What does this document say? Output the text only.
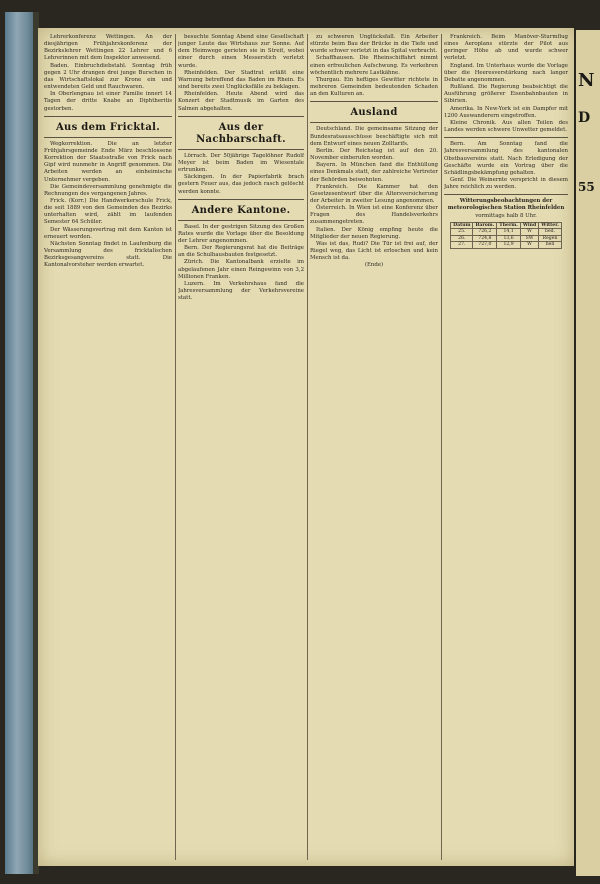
Lehrerkonferenz Wettingen. An der diesjährigen Frühjahrskonferenz der Bezirkslehrer Wettingen 22 Lehrer und 6 Lehrerinnen mit dem Inspektor anwesend.

Baden. Einbruchdiebstahl. Sonntag früh gegen 2 Uhr drangen drei junge Burschen in das Wirtschaftslokal zur Krone ein und entwendeten Geld und Rauchwaren.

In Oberlengnau ist einer Familie innert 14 Tagen der dritte Knabe an Diphtheritis gestorben.

Aus dem Fricktal.

Wegkorrektion. Die an letzter Frühjahrsgemeinde Ende März beschlossene Korrektion der Staatsstraße von Frick nach Gipf wird nunmehr in Angriff genommen. Die Arbeiten werden an einheimische Unternehmer vergeben.

Die Gemeindeversammlung genehmigte die Rechnungen des vergangenen Jahres.

Frick. (Korr.) Die Handwerkerschule Frick, die seit 1889 von den Gemeinden des Bezirks unterhalten wird, zählt im laufenden Semester 64 Schüler.

Der Wässerungsvertrag mit dem Kanton ist erneuert worden.

Nächsten Sonntag findet in Laufenburg die Versammlung des fricktalischen Bezirksgesangvereins statt. Die Kantonalvorsteher werden erwartet.

besuchte Sonntag Abend eine Gesellschaft junger Leute das Wirtshaus zur Sonne. Auf dem Heimwege gerieten sie in Streit, wobei einer durch einen Messerstich verletzt wurde.

Rheinfelden. Der Stadtrat erläßt eine Warnung betreffend das Baden im Rhein. Es sind bereits zwei Unglücksfälle zu beklagen.

Rheinfelden. Heute Abend wird das Konzert der Stadtmusik im Garten des Salmen abgehalten.

Aus der Nachbarschaft.

Lörrach. Der 50jährige Tagelöhner Rudolf Meyer ist beim Baden im Wiesentale ertrunken.

Säckingen. In der Papierfabrik brach gestern Feuer aus, das jedoch rasch gelöscht werden konnte.

Andere Kantone.

Basel. In der gestrigen Sitzung des Großen Rates wurde die Vorlage über die Besoldung der Lehrer angenommen.

Bern. Der Regierungsrat hat die Beiträge an die Schulhausbauten festgesetzt.

Zürich. Die Kantonalbank erzielte im abgelaufenen Jahr einen Reingewinn von 3,2 Millionen Franken.

Luzern. Im Verkehrshaus fand die Jahresversammlung der Verkehrsvereine statt.

zu schweren Unglücksfall. Ein Arbeiter stürzte beim Bau der Brücke in die Tiefe und wurde schwer verletzt in das Spital verbracht.

Schaffhausen. Die Rheinschiffahrt nimmt einen erfreulichen Aufschwung. Es verkehren wöchentlich mehrere Lastkähne.

Thurgau. Ein heftiges Gewitter richtete in mehreren Gemeinden bedeutenden Schaden an den Kulturen an.

Ausland

Deutschland. Die gemeinsame Sitzung der Bundesratsausschüsse beschäftigte sich mit dem Entwurf eines neuen Zolltarifs.

Berlin. Der Reichstag ist auf den 20. November einberufen worden.

Bayern. In München fand die Enthüllung eines Denkmals statt, der zahlreiche Vertreter der Behörden beiwohnten.

Frankreich. Die Kammer hat den Gesetzesentwurf über die Altersversicherung der Arbeiter in zweiter Lesung angenommen.

Österreich. In Wien ist eine Konferenz über Fragen des Handelsverkehrs zusammengetreten.

Italien. Der König empfing heute die Mitglieder der neuen Regierung.

Was ist das, Rudi? Die Tür ist frei auf, der Riegel weg, das Licht ist erloschen und kein Mensch ist da.

(Ende)

Frankreich. Beim Manöver-Sturmflug eines Aeroplans stürzte der Pilot aus geringer Höhe ab und wurde schwer verletzt.

England. Im Unterhaus wurde die Vorlage über die Heeresverstärkung nach langer Debatte angenommen.

Rußland. Die Regierung beabsichtigt die Ausführung größerer Eisenbahnbauten in Sibirien.

Amerika. In New-York ist ein Dampfer mit 1200 Auswanderern eingetroffen.

Kleine Chronik. Aus allen Teilen des Landes werden schwere Unwetter gemeldet.

Bern. Am Sonntag fand die Jahresversammlung des kantonalen Obstbauvereins statt. Nach Erledigung der Geschäfte wurde ein Vortrag über die Schädlingsbekämpfung gehalten.

Genf. Die Weinernte verspricht in diesem Jahre reichlich zu werden.

Witterungsbeobachtungen der meteorologischen Station Rheinfelden
vormittags halb 8 Uhr.
Datum	Barom.	Therm.	Wind	Witter.
25.	726,2	14,1	W	bed.
26.	724,8	13,6	SW	Regen
27.	727,0	12,9	W	hell
N
D
55
